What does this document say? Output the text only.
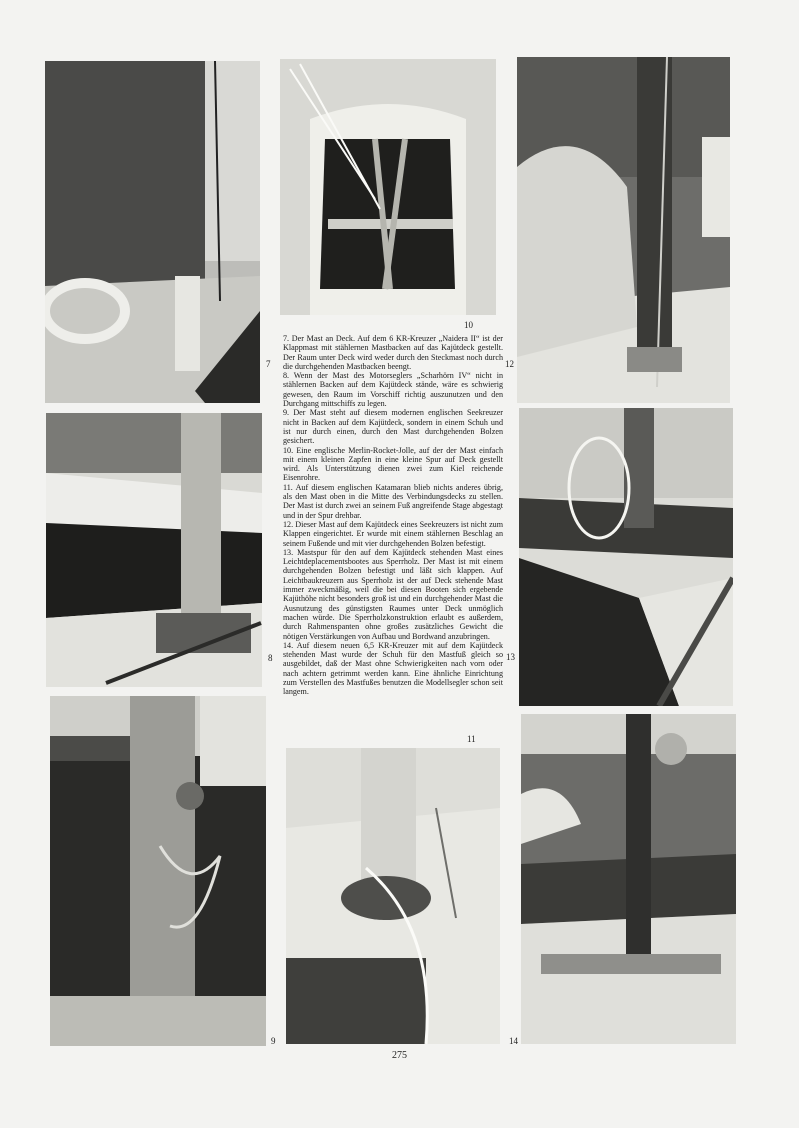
7
10
12
8

7. Der Mast an Deck. Auf dem 6 KR-Kreuzer „Naidera II“ ist der Klappmast mit stählernen Mastbacken auf das Kajütdeck gestellt. Der Raum unter Deck wird weder durch den Steckmast noch durch die durchgehenden Mastbacken beengt.

8. Wenn der Mast des Motorseglers „Scharhörn IV“ nicht in stählernen Backen auf dem Kajütdeck stände, wäre es schwierig gewesen, den Raum im Vorschiff richtig auszunutzen und den Durchgang mittschiffs zu legen.

9. Der Mast steht auf diesem modernen englischen Seekreuzer nicht in Backen auf dem Kajütdeck, sondern in einem Schuh und ist nur durch einen, durch den Mast durchgehenden Bolzen gesichert.

10. Eine englische Merlin-Rocket-Jolle, auf der der Mast einfach mit einem kleinen Zapfen in eine kleine Spur auf Deck gestellt wird. Als Unterstützung dienen zwei zum Kiel reichende Eisenrohre.

11. Auf diesem englischen Katamaran blieb nichts anderes übrig, als den Mast oben in die Mitte des Verbindungsdecks zu stellen. Der Mast ist durch zwei an seinem Fuß angreifende Stage abgestagt und in der Spur drehbar.

12. Dieser Mast auf dem Kajütdeck eines Seekreuzers ist nicht zum Klappen eingerichtet. Er wurde mit einem stählernen Beschlag an seinem Fußende und mit vier durchgehenden Bolzen befestigt.

13. Mastspur für den auf dem Kajütdeck stehenden Mast eines Leichtdeplacementsbootes aus Sperrholz. Der Mast ist mit einem durchgehenden Bolzen befestigt und läßt sich klappen. Auf Leichtbaukreuzern aus Sperrholz ist der auf Deck stehende Mast immer zweckmäßig, weil die bei diesen Booten sich ergebende Kajüthöhe nicht besonders groß ist und ein durchgehender Mast die Ausnutzung des günstigsten Raumes unter Deck unmöglich machen würde. Die Sperrholzkonstruktion erlaubt es außerdem, durch Rahmenspanten ohne großes zusätzliches Gewicht die nötigen Verstärkungen von Aufbau und Bordwand anzubringen.

14. Auf diesem neuen 6,5 KR-Kreuzer mit auf dem Kajütdeck stehenden Mast wurde der Schuh für den Mastfuß gleich so ausgebildet, daß der Mast ohne Schwierigkeiten nach vorn oder nach achtern getrimmt werden kann. Eine ähnliche Einrichtung zum Verstellen des Mastfußes benutzen die Modellsegler schon seit langem.

13
9
11
14
275
